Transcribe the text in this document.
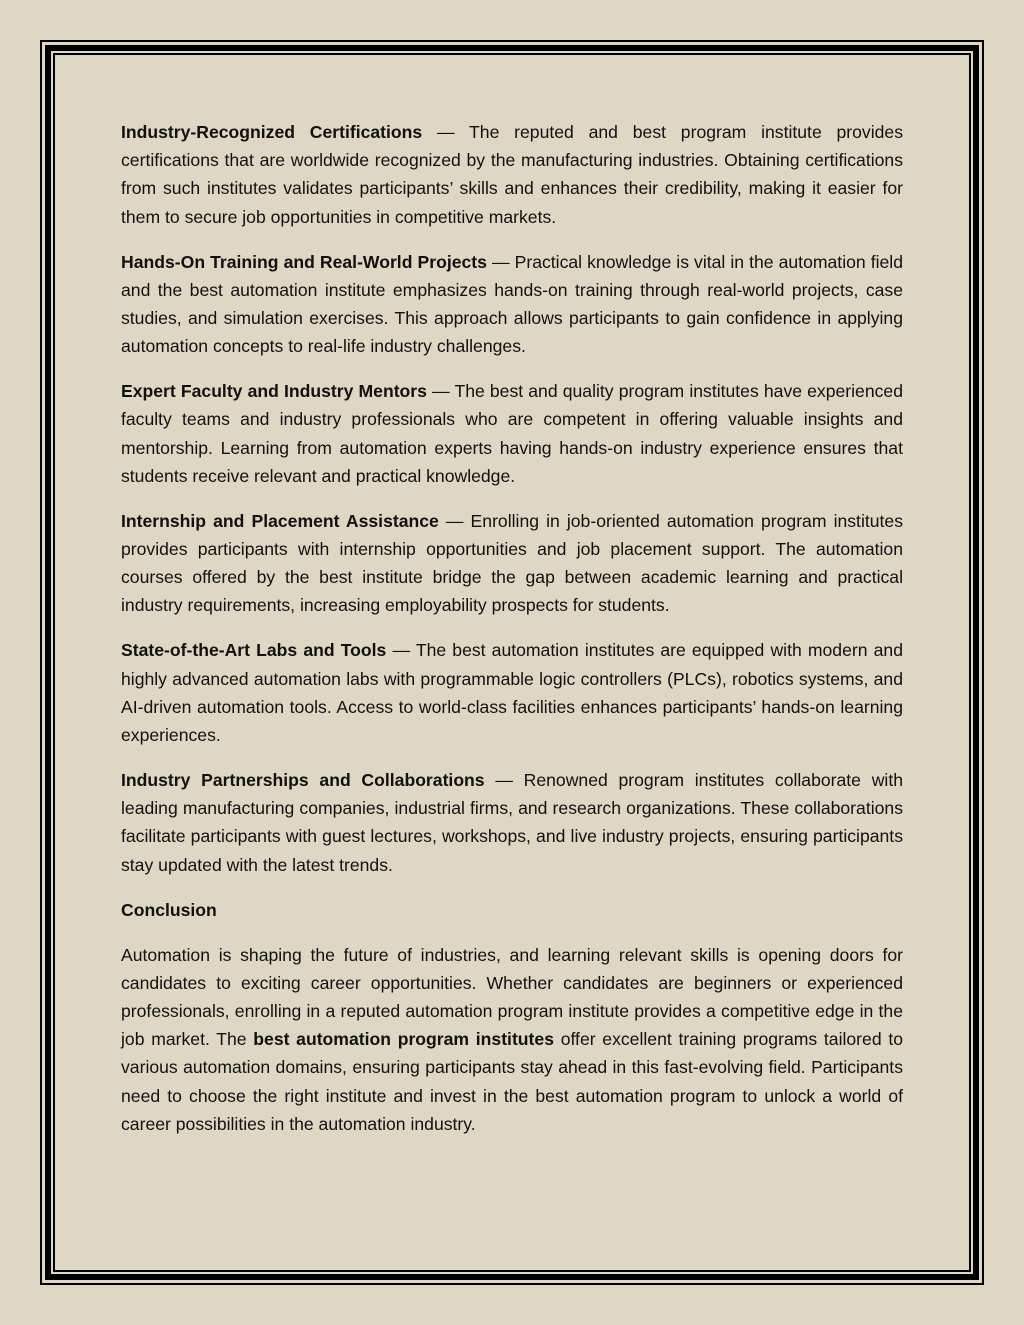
Industry-Recognized Certifications — The reputed and best program institute provides certifications that are worldwide recognized by the manufacturing industries. Obtaining certifications from such institutes validates participants’ skills and enhances their credibility, making it easier for them to secure job opportunities in competitive markets.

Hands-On Training and Real-World Projects — Practical knowledge is vital in the automation field and the best automation institute emphasizes hands-on training through real-world projects, case studies, and simulation exercises. This approach allows participants to gain confidence in applying automation concepts to real-life industry challenges.

Expert Faculty and Industry Mentors — The best and quality program institutes have experienced faculty teams and industry professionals who are competent in offering valuable insights and mentorship. Learning from automation experts having hands-on industry experience ensures that students receive relevant and practical knowledge.

Internship and Placement Assistance — Enrolling in job-oriented automation program institutes provides participants with internship opportunities and job placement support. The automation courses offered by the best institute bridge the gap between academic learning and practical industry requirements, increasing employability prospects for students.

State-of-the-Art Labs and Tools — The best automation institutes are equipped with modern and highly advanced automation labs with programmable logic controllers (PLCs), robotics systems, and AI-driven automation tools. Access to world-class facilities enhances participants’ hands-on learning experiences.

Industry Partnerships and Collaborations — Renowned program institutes collaborate with leading manufacturing companies, industrial firms, and research organizations. These collaborations facilitate participants with guest lectures, workshops, and live industry projects, ensuring participants stay updated with the latest trends.

Conclusion

Automation is shaping the future of industries, and learning relevant skills is opening doors for candidates to exciting career opportunities. Whether candidates are beginners or experienced professionals, enrolling in a reputed automation program institute provides a competitive edge in the job market. The best automation program institutes offer excellent training programs tailored to various automation domains, ensuring participants stay ahead in this fast-evolving field. Participants need to choose the right institute and invest in the best automation program to unlock a world of career possibilities in the automation industry.
